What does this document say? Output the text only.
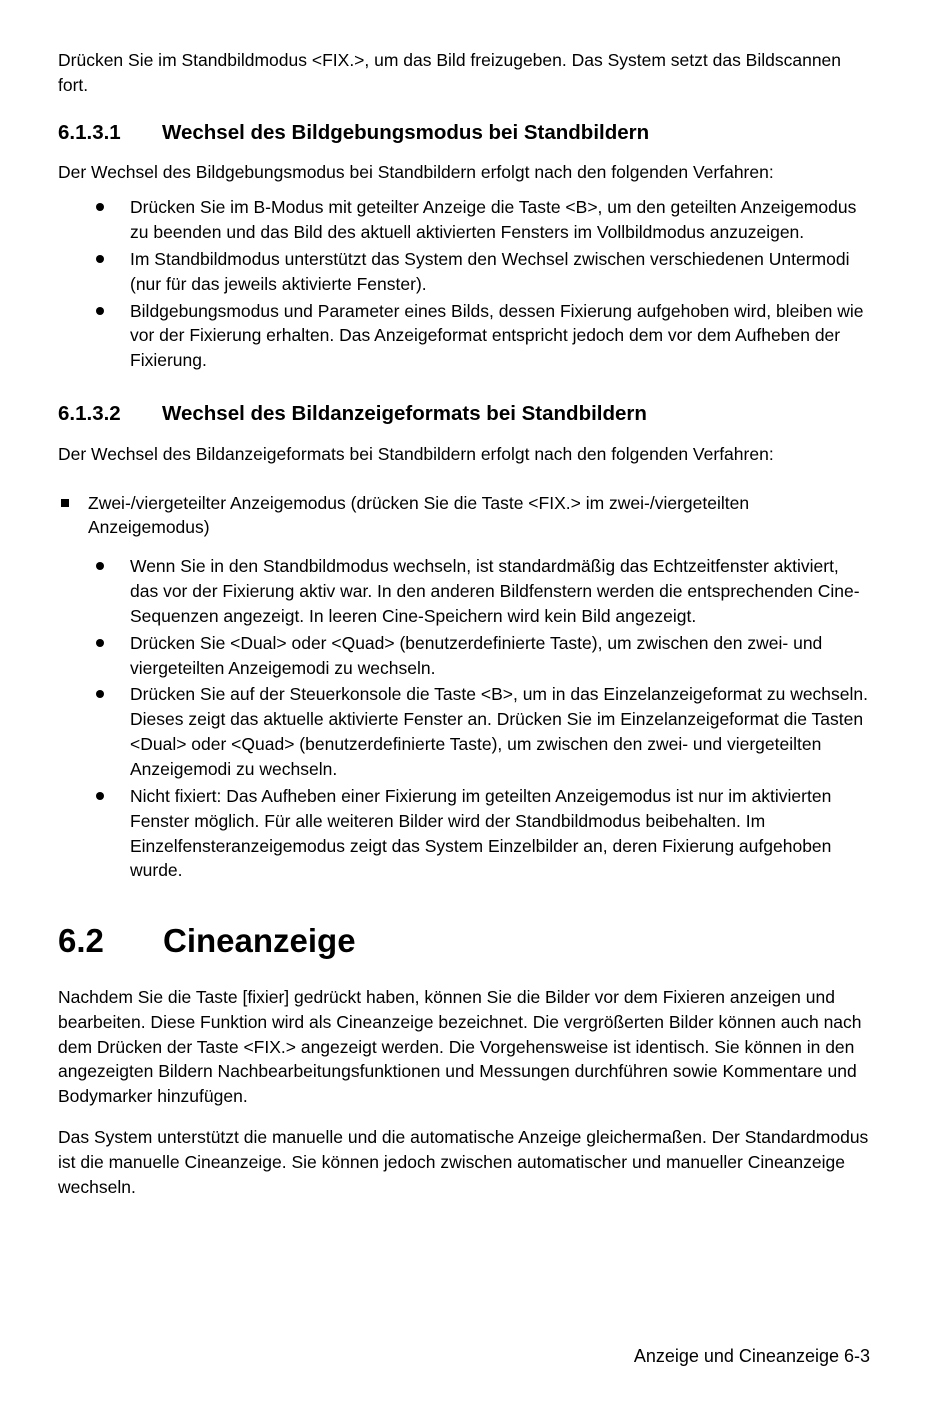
Drücken Sie im Standbildmodus <FIX.>, um das Bild freizugeben. Das System setzt das Bildscannen fort.

6.1.3.1	Wechsel des Bildgebungsmodus bei Standbildern

Der Wechsel des Bildgebungsmodus bei Standbildern erfolgt nach den folgenden Verfahren:

Drücken Sie im B-Modus mit geteilter Anzeige die Taste <B>, um den geteilten Anzeigemodus zu beenden und das Bild des aktuell aktivierten Fensters im Vollbildmodus anzuzeigen.
Im Standbildmodus unterstützt das System den Wechsel zwischen verschiedenen Untermodi (nur für das jeweils aktivierte Fenster).
Bildgebungsmodus und Parameter eines Bilds, dessen Fixierung aufgehoben wird, bleiben wie vor der Fixierung erhalten. Das Anzeigeformat entspricht jedoch dem vor dem Aufheben der Fixierung.
6.1.3.2	Wechsel des Bildanzeigeformats bei Standbildern

Der Wechsel des Bildanzeigeformats bei Standbildern erfolgt nach den folgenden Verfahren:

Zwei-/viergeteilter Anzeigemodus (drücken Sie die Taste <FIX.> im zwei-/viergeteilten Anzeigemodus)
Wenn Sie in den Standbildmodus wechseln, ist standardmäßig das Echtzeitfenster aktiviert, das vor der Fixierung aktiv war. In den anderen Bildfenstern werden die entsprechenden Cine-Sequenzen angezeigt. In leeren Cine-Speichern wird kein Bild angezeigt.
Drücken Sie <Dual> oder <Quad> (benutzerdefinierte Taste), um zwischen den zwei- und viergeteilten Anzeigemodi zu wechseln.
Drücken Sie auf der Steuerkonsole die Taste <B>, um in das Einzelanzeigeformat zu wechseln. Dieses zeigt das aktuelle aktivierte Fenster an. Drücken Sie im Einzelanzeigeformat die Tasten <Dual> oder <Quad> (benutzerdefinierte Taste), um zwischen den zwei- und viergeteilten Anzeigemodi zu wechseln.
Nicht fixiert: Das Aufheben einer Fixierung im geteilten Anzeigemodus ist nur im aktivierten Fenster möglich. Für alle weiteren Bilder wird der Standbildmodus beibehalten. Im Einzelfensteranzeigemodus zeigt das System Einzelbilder an, deren Fixierung aufgehoben wurde.
6.2	Cineanzeige

Nachdem Sie die Taste [fixier] gedrückt haben, können Sie die Bilder vor dem Fixieren anzeigen und bearbeiten. Diese Funktion wird als Cineanzeige bezeichnet. Die vergrößerten Bilder können auch nach dem Drücken der Taste <FIX.> angezeigt werden. Die Vorgehensweise ist identisch. Sie können in den angezeigten Bildern Nachbearbeitungsfunktionen und Messungen durchführen sowie Kommentare und Bodymarker hinzufügen.

Das System unterstützt die manuelle und die automatische Anzeige gleichermaßen. Der Standardmodus ist die manuelle Cineanzeige. Sie können jedoch zwischen automatischer und manueller Cineanzeige wechseln.

Anzeige und Cineanzeige 6-3
